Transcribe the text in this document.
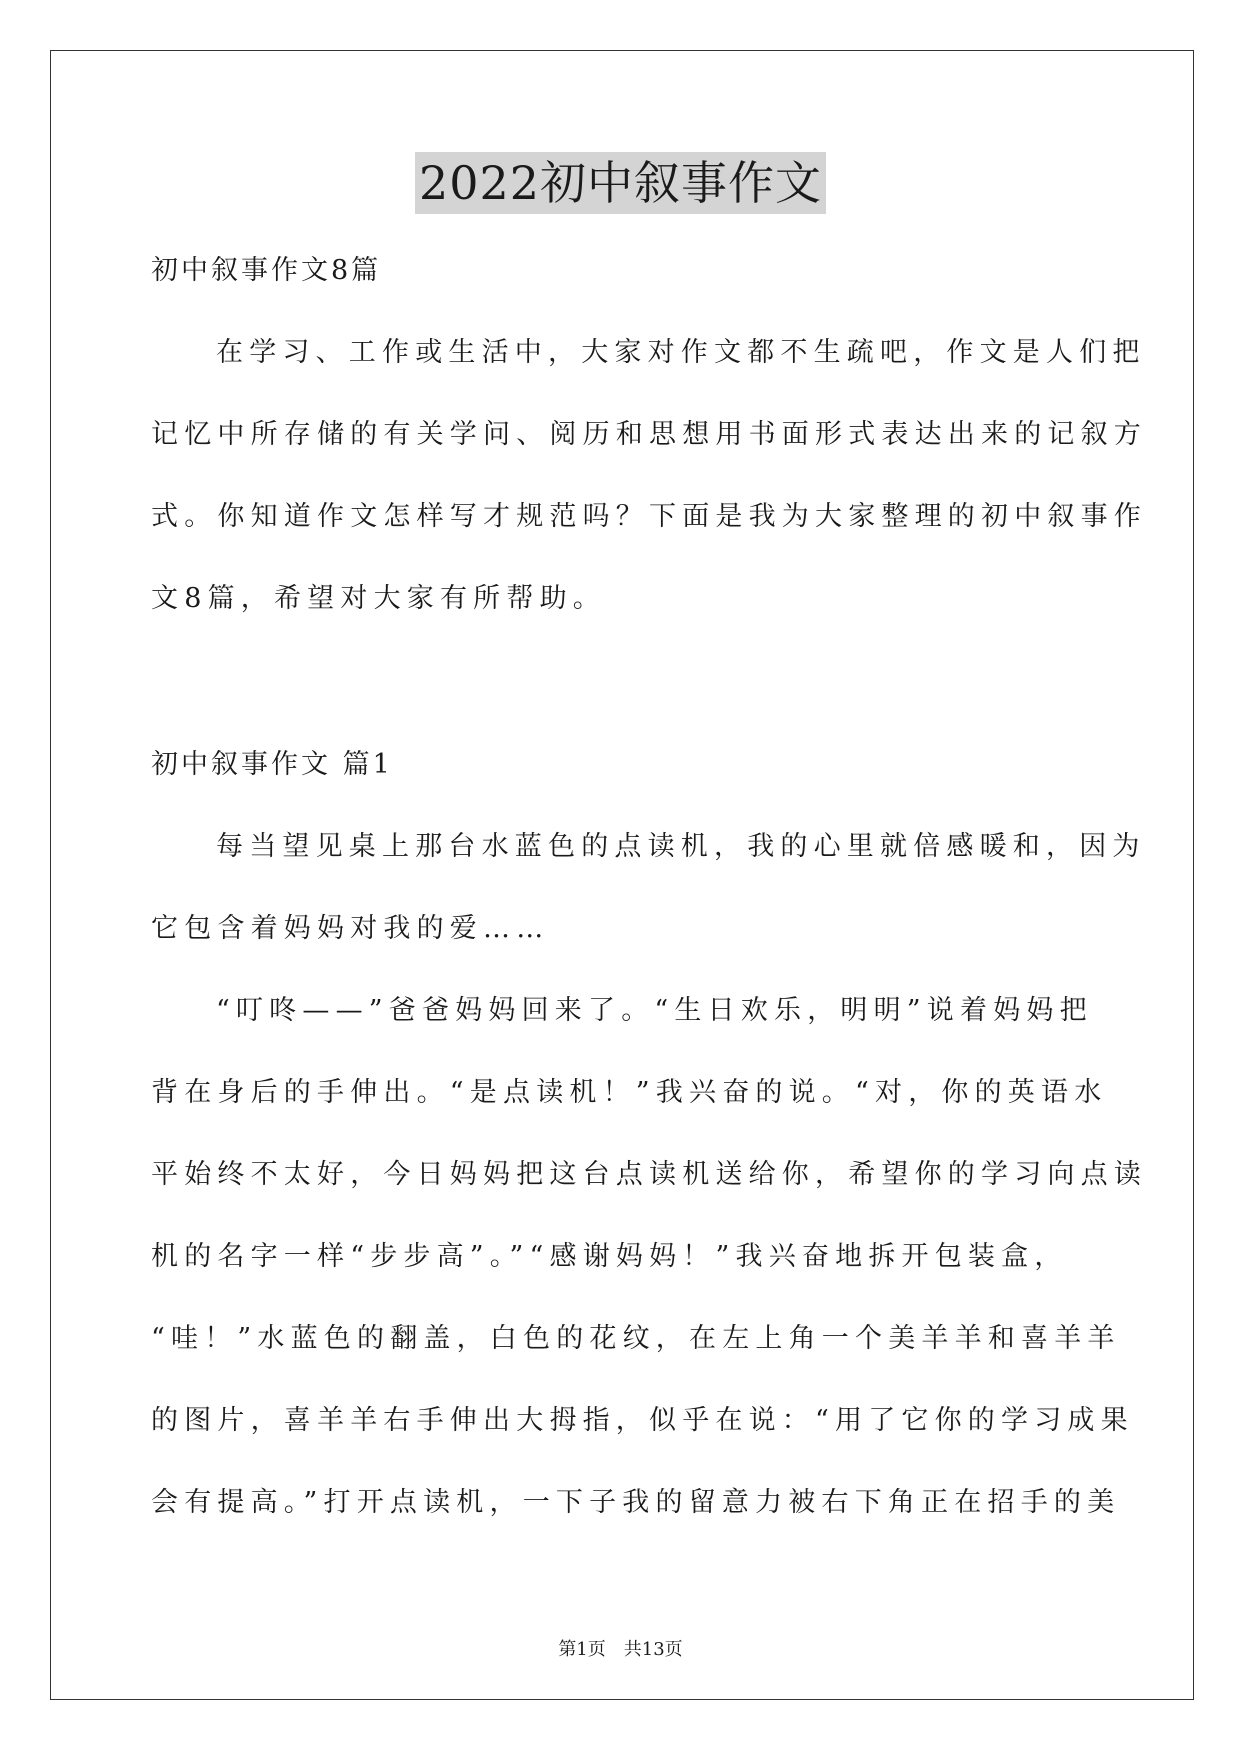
2022初中叙事作文
初中叙事作文8篇
在学习、工作或生活中，大家对作文都不生疏吧，作文是人们把
记忆中所存储的有关学问、阅历和思想用书面形式表达出来的记叙方
式。你知道作文怎样写才规范吗？下面是我为大家整理的初中叙事作
文8篇，希望对大家有所帮助。
初中叙事作文 篇1
每当望见桌上那台水蓝色的点读机，我的心里就倍感暖和，因为
它包含着妈妈对我的爱……
“叮咚——”爸爸妈妈回来了。“生日欢乐，明明”说着妈妈把
背在身后的手伸出。“是点读机！”我兴奋的说。“对，你的英语水
平始终不太好，今日妈妈把这台点读机送给你，希望你的学习向点读
机的名字一样“步步高”。”“感谢妈妈！”我兴奋地拆开包装盒，
“哇！”水蓝色的翻盖，白色的花纹，在左上角一个美羊羊和喜羊羊
的图片，喜羊羊右手伸出大拇指，似乎在说：“用了它你的学习成果
会有提高。”打开点读机，一下子我的留意力被右下角正在招手的美
第1页　共13页
